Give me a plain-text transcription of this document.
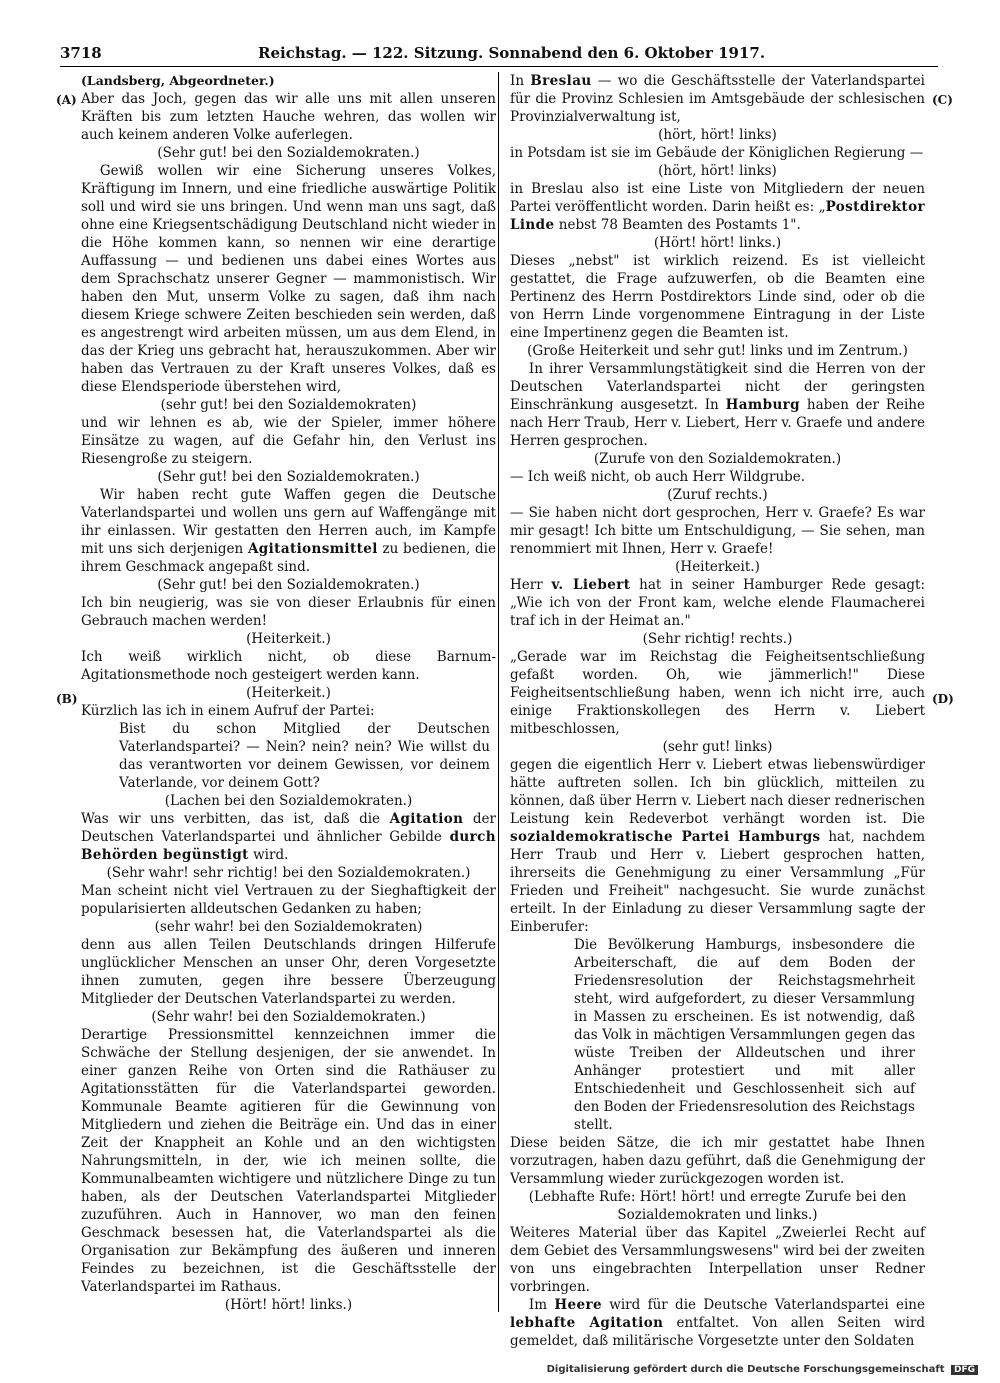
3718	Reichstag. — 122. Sitzung. Sonnabend den 6. Oktober 1917.
(A)
(B)
(C)
(D)

(Landsberg, Abgeordneter.)

Aber das Joch, gegen das wir alle uns mit allen unseren Kräften bis zum letzten Hauche wehren, das wollen wir auch keinem anderen Volke auferlegen.

(Sehr gut! bei den Sozialdemokraten.)

Gewiß wollen wir eine Sicherung unseres Volkes, Kräftigung im Innern, und eine friedliche auswärtige Politik soll und wird sie uns bringen. Und wenn man uns sagt, daß ohne eine Kriegsentschädigung Deutschland nicht wieder in die Höhe kommen kann, so nennen wir eine derartige Auffassung — und bedienen uns dabei eines Wortes aus dem Sprachschatz unserer Gegner — mammonistisch. Wir haben den Mut, unserm Volke zu sagen, daß ihm nach diesem Kriege schwere Zeiten beschieden sein werden, daß es angestrengt wird arbeiten müssen, um aus dem Elend, in das der Krieg uns gebracht hat, herauszukommen. Aber wir haben das Vertrauen zu der Kraft unseres Volkes, daß es diese Elendsperiode überstehen wird,

(sehr gut! bei den Sozialdemokraten)

und wir lehnen es ab, wie der Spieler, immer höhere Einsätze zu wagen, auf die Gefahr hin, den Verlust ins Riesengroße zu steigern.

(Sehr gut! bei den Sozialdemokraten.)

Wir haben recht gute Waffen gegen die Deutsche Vaterlandspartei und wollen uns gern auf Waffengänge mit ihr einlassen. Wir gestatten den Herren auch, im Kampfe mit uns sich derjenigen Agitationsmittel zu bedienen, die ihrem Geschmack angepaßt sind.

(Sehr gut! bei den Sozialdemokraten.)

Ich bin neugierig, was sie von dieser Erlaubnis für einen Gebrauch machen werden!

(Heiterkeit.)

Ich weiß wirklich nicht, ob diese Barnum-Agitationsmethode noch gesteigert werden kann.

(Heiterkeit.)

Kürzlich las ich in einem Aufruf der Partei:

Bist du schon Mitglied der Deutschen Vaterlandspartei? — Nein? nein? nein? Wie willst du das verantworten vor deinem Gewissen, vor deinem Vaterlande, vor deinem Gott?

(Lachen bei den Sozialdemokraten.)

Was wir uns verbitten, das ist, daß die Agitation der Deutschen Vaterlandspartei und ähnlicher Gebilde durch Behörden begünstigt wird.

(Sehr wahr! sehr richtig! bei den Sozialdemokraten.)

Man scheint nicht viel Vertrauen zu der Sieghaftigkeit der popularisierten alldeutschen Gedanken zu haben;

(sehr wahr! bei den Sozialdemokraten)

denn aus allen Teilen Deutschlands dringen Hilferufe unglücklicher Menschen an unser Ohr, deren Vorgesetzte ihnen zumuten, gegen ihre bessere Überzeugung Mitglieder der Deutschen Vaterlandspartei zu werden.

(Sehr wahr! bei den Sozialdemokraten.)

Derartige Pressionsmittel kennzeichnen immer die Schwäche der Stellung desjenigen, der sie anwendet. In einer ganzen Reihe von Orten sind die Rathäuser zu Agitationsstätten für die Vaterlandspartei geworden. Kommunale Beamte agitieren für die Gewinnung von Mitgliedern und ziehen die Beiträge ein. Und das in einer Zeit der Knappheit an Kohle und an den wichtigsten Nahrungsmitteln, in der, wie ich meinen sollte, die Kommunalbeamten wichtigere und nützlichere Dinge zu tun haben, als der Deutschen Vaterlandspartei Mitglieder zuzuführen. Auch in Hannover, wo man den feinen Geschmack besessen hat, die Vaterlandspartei als die Organisation zur Bekämpfung des äußeren und inneren Feindes zu bezeichnen, ist die Geschäftsstelle der Vaterlandspartei im Rathaus.

(Hört! hört! links.)

In Breslau — wo die Geschäftsstelle der Vaterlandspartei für die Provinz Schlesien im Amtsgebäude der schlesischen Provinzialverwaltung ist,

(hört, hört! links)

in Potsdam ist sie im Gebäude der Königlichen Regierung —

(hört, hört! links)

in Breslau also ist eine Liste von Mitgliedern der neuen Partei veröffentlicht worden. Darin heißt es: „Postdirektor Linde nebst 78 Beamten des Postamts 1".

(Hört! hört! links.)

Dieses „nebst" ist wirklich reizend. Es ist vielleicht gestattet, die Frage aufzuwerfen, ob die Beamten eine Pertinenz des Herrn Postdirektors Linde sind, oder ob die von Herrn Linde vorgenommene Eintragung in der Liste eine Impertinenz gegen die Beamten ist.

(Große Heiterkeit und sehr gut! links und im Zentrum.)

In ihrer Versammlungstätigkeit sind die Herren von der Deutschen Vaterlandspartei nicht der geringsten Einschränkung ausgesetzt. In Hamburg haben der Reihe nach Herr Traub, Herr v. Liebert, Herr v. Graefe und andere Herren gesprochen.

(Zurufe von den Sozialdemokraten.)

— Ich weiß nicht, ob auch Herr Wildgrube.

(Zuruf rechts.)

— Sie haben nicht dort gesprochen, Herr v. Graefe? Es war mir gesagt! Ich bitte um Entschuldigung, — Sie sehen, man renommiert mit Ihnen, Herr v. Graefe!

(Heiterkeit.)

Herr v. Liebert hat in seiner Hamburger Rede gesagt: „Wie ich von der Front kam, welche elende Flaumacherei traf ich in der Heimat an."

(Sehr richtig! rechts.)

„Gerade war im Reichstag die Feigheitsentschließung gefaßt worden. Oh, wie jämmerlich!" Diese Feigheitsentschließung haben, wenn ich nicht irre, auch einige Fraktionskollegen des Herrn v. Liebert mitbeschlossen,

(sehr gut! links)

gegen die eigentlich Herr v. Liebert etwas liebenswürdiger hätte auftreten sollen. Ich bin glücklich, mitteilen zu können, daß über Herrn v. Liebert nach dieser rednerischen Leistung kein Redeverbot verhängt worden ist. Die sozialdemokratische Partei Hamburgs hat, nachdem Herr Traub und Herr v. Liebert gesprochen hatten, ihrerseits die Genehmigung zu einer Versammlung „Für Frieden und Freiheit" nachgesucht. Sie wurde zunächst erteilt. In der Einladung zu dieser Versammlung sagte der Einberufer:

Die Bevölkerung Hamburgs, insbesondere die Arbeiterschaft, die auf dem Boden der Friedensresolution der Reichstagsmehrheit steht, wird aufgefordert, zu dieser Versammlung in Massen zu erscheinen. Es ist notwendig, daß das Volk in mächtigen Versammlungen gegen das wüste Treiben der Alldeutschen und ihrer Anhänger protestiert und mit aller Entschiedenheit und Geschlossenheit sich auf den Boden der Friedensresolution des Reichstags stellt.

Diese beiden Sätze, die ich mir gestattet habe Ihnen vorzutragen, haben dazu geführt, daß die Genehmigung der Versammlung wieder zurückgezogen worden ist.

(Lebhafte Rufe: Hört! hört! und erregte Zurufe bei den Sozialdemokraten und links.)

Weiteres Material über das Kapitel „Zweierlei Recht auf dem Gebiet des Versammlungswesens" wird bei der zweiten von uns eingebrachten Interpellation unser Redner vorbringen.

Im Heere wird für die Deutsche Vaterlandspartei eine lebhafte Agitation entfaltet. Von allen Seiten wird gemeldet, daß militärische Vorgesetzte unter den Soldaten

Digitalisierung gefördert durch die Deutsche Forschungsgemeinschaft DFG
